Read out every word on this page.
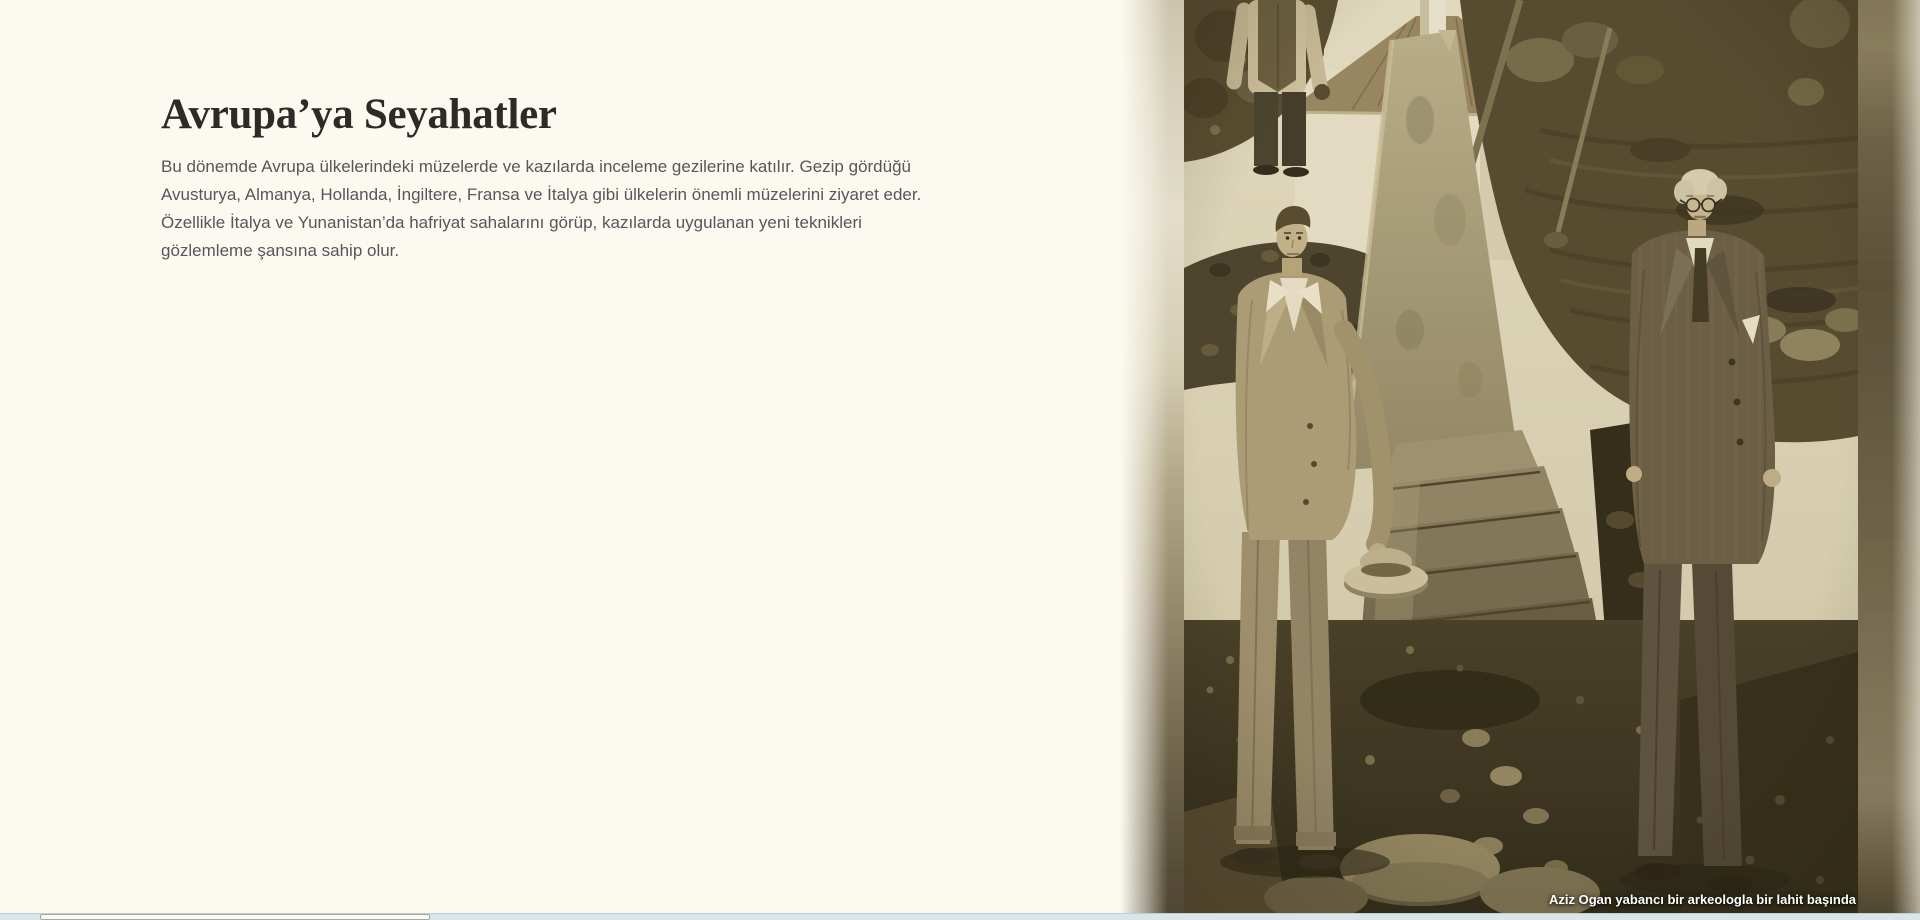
Avrupa’ya Seyahatler

Bu dönemde Avrupa ülkelerindeki müzelerde ve kazılarda inceleme gezilerine katılır. Gezip gördüğü Avusturya, Almanya, Hollanda, İngiltere, Fransa ve İtalya gibi ülkelerin önemli müzelerini ziyaret eder. Özellikle İtalya ve Yunanistan’da hafriyat sahalarını görüp, kazılarda uygulanan yeni teknikleri gözlemleme şansına sahip olur.

Aziz Ogan yabancı bir arkeologla bir lahit başında
